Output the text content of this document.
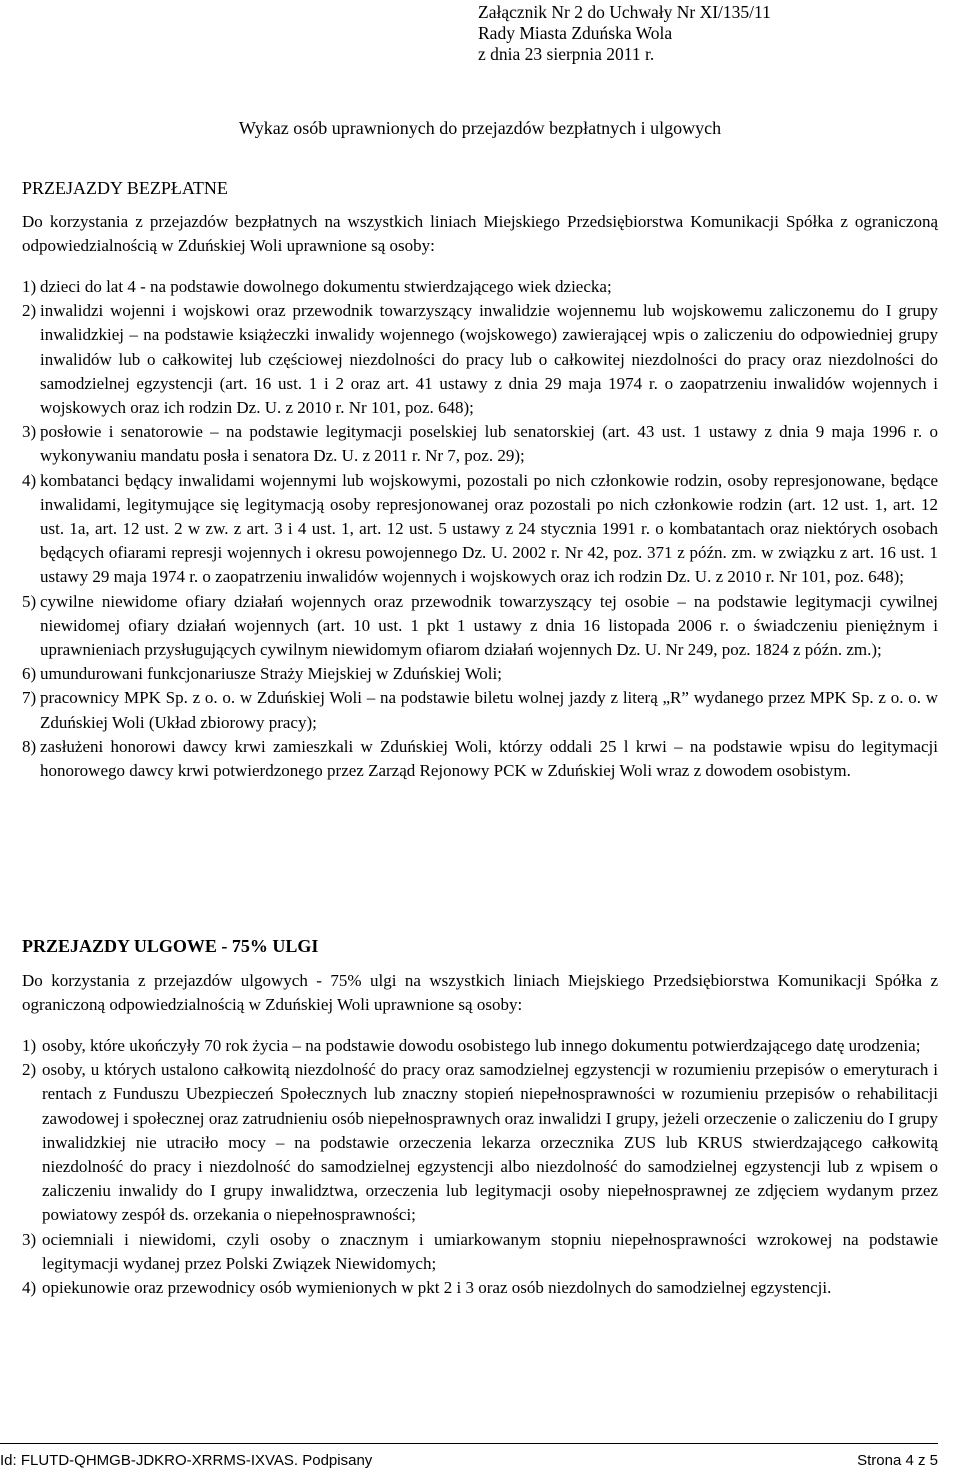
Załącznik Nr 2 do Uchwały Nr XI/135/11
Rady Miasta Zduńska Wola
z dnia 23 sierpnia 2011 r.
Wykaz osób uprawnionych do przejazdów bezpłatnych i ulgowych
PRZEJAZDY BEZPŁATNE
Do korzystania z przejazdów bezpłatnych na wszystkich liniach Miejskiego Przedsiębiorstwa Komunikacji Spółka z ograniczoną odpowiedzialnością w Zduńskiej Woli uprawnione są osoby:
1) dzieci do lat 4 - na podstawie dowolnego dokumentu stwierdzającego wiek dziecka;
2) inwalidzi wojenni i wojskowi oraz przewodnik towarzyszący inwalidzie wojennemu lub wojskowemu zaliczonemu do I grupy inwalidzkiej – na podstawie książeczki inwalidy wojennego (wojskowego) zawierającej wpis o zaliczeniu do odpowiedniej grupy inwalidów lub o całkowitej lub częściowej niezdolności do pracy lub o całkowitej niezdolności do pracy oraz niezdolności do samodzielnej egzystencji (art. 16 ust. 1 i 2 oraz art. 41 ustawy z dnia 29 maja 1974 r. o zaopatrzeniu inwalidów wojennych i wojskowych oraz ich rodzin Dz. U. z 2010 r. Nr 101, poz. 648);
3) posłowie i senatorowie – na podstawie legitymacji poselskiej lub senatorskiej (art. 43 ust. 1 ustawy z dnia 9 maja 1996 r. o wykonywaniu mandatu posła i senatora Dz. U. z 2011 r. Nr 7, poz. 29);
4) kombatanci będący inwalidami wojennymi lub wojskowymi, pozostali po nich członkowie rodzin, osoby represjonowane, będące inwalidami, legitymujące się legitymacją osoby represjonowanej oraz pozostali po nich członkowie rodzin (art. 12 ust. 1, art. 12 ust. 1a, art. 12 ust. 2 w zw. z art. 3 i 4 ust. 1, art. 12 ust. 5 ustawy z 24 stycznia 1991 r. o kombatantach oraz niektórych osobach będących ofiarami represji wojennych i okresu powojennego Dz. U. 2002 r. Nr 42, poz. 371 z późn. zm. w związku z art. 16 ust. 1 ustawy 29 maja 1974 r. o zaopatrzeniu inwalidów wojennych i wojskowych oraz ich rodzin Dz. U. z 2010 r. Nr 101, poz. 648);
5) cywilne niewidome ofiary działań wojennych oraz przewodnik towarzyszący tej osobie – na podstawie legitymacji cywilnej niewidomej ofiary działań wojennych (art. 10 ust. 1 pkt 1 ustawy z dnia 16 listopada 2006 r. o świadczeniu pieniężnym i uprawnieniach przysługujących cywilnym niewidomym ofiarom działań wojennych Dz. U. Nr 249, poz. 1824 z późn. zm.);
6) umundurowani funkcjonariusze Straży Miejskiej w Zduńskiej Woli;
7) pracownicy MPK Sp. z o. o. w Zduńskiej Woli – na podstawie biletu wolnej jazdy z literą „R” wydanego przez MPK Sp. z o. o. w Zduńskiej Woli (Układ zbiorowy pracy);
8) zasłużeni honorowi dawcy krwi zamieszkali w Zduńskiej Woli, którzy oddali 25 l krwi – na podstawie wpisu do legitymacji honorowego dawcy krwi potwierdzonego przez Zarząd Rejonowy PCK w Zduńskiej Woli wraz z dowodem osobistym.
PRZEJAZDY ULGOWE - 75% ULGI
Do korzystania z przejazdów ulgowych - 75% ulgi na wszystkich liniach Miejskiego Przedsiębiorstwa Komunikacji Spółka z ograniczoną odpowiedzialnością w Zduńskiej Woli uprawnione są osoby:
1) osoby, które ukończyły 70 rok życia – na podstawie dowodu osobistego lub innego dokumentu potwierdzającego datę urodzenia;
2) osoby, u których ustalono całkowitą niezdolność do pracy oraz samodzielnej egzystencji w rozumieniu przepisów o emeryturach i rentach z Funduszu Ubezpieczeń Społecznych lub znaczny stopień niepełnosprawności w rozumieniu przepisów o rehabilitacji zawodowej i społecznej oraz zatrudnieniu osób niepełnosprawnych oraz inwalidzi I grupy, jeżeli orzeczenie o zaliczeniu do I grupy inwalidzkiej nie utraciło mocy – na podstawie orzeczenia lekarza orzecznika ZUS lub KRUS stwierdzającego całkowitą niezdolność do pracy i niezdolność do samodzielnej egzystencji albo niezdolność do samodzielnej egzystencji lub z wpisem o zaliczeniu inwalidy do I grupy inwalidztwa, orzeczenia lub legitymacji osoby niepełnosprawnej ze zdjęciem wydanym przez powiatowy zespół ds. orzekania o niepełnosprawności;
3) ociemniali i niewidomi, czyli osoby o znacznym i umiarkowanym stopniu niepełnosprawności wzrokowej na podstawie legitymacji wydanej przez Polski Związek Niewidomych;
4) opiekunowie oraz przewodnicy osób wymienionych w pkt 2 i 3 oraz osób niezdolnych do samodzielnej egzystencji.
Id: FLUTD-QHMGB-JDKRO-XRRMS-IXVAS. Podpisany	Strona 4 z 5
